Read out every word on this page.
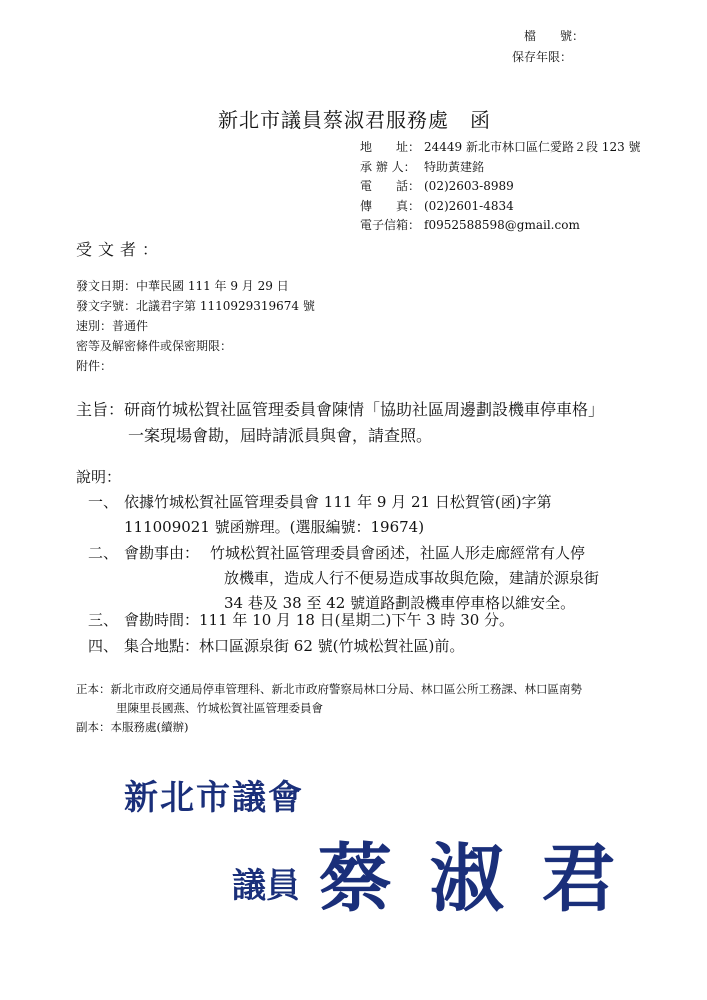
檔　　號：
保存年限：
新北市議員蔡淑君服務處　函
地　　址： 24449 新北市林口區仁愛路２段 123 號
承 辦 人： 特助黃建銘
電　　話： (02)2603-8989
傳　　真： (02)2601-4834
電子信箱： f0952588598@gmail.com
受文者：
發文日期：中華民國 111 年 9 月 29 日
發文字號：北議君字第 1110929319674 號
速別：普通件
密等及解密條件或保密期限：
附件：
主旨：研商竹城松賀社區管理委員會陳情「協助社區周邊劃設機車停車格」
一案現場會勘，屆時請派員與會，請查照。
說明：
一、 依據竹城松賀社區管理委員會 111 年 9 月 21 日松賀管(函)字第
111009021 號函辦理。(選服編號：19674)
二、 會勘事由： 竹城松賀社區管理委員會函述，社區人形走廊經常有人停
放機車，造成人行不便易造成事故與危險，建請於源泉街
34 巷及 38 至 42 號道路劃設機車停車格以維安全。
三、 會勘時間：111 年 10 月 18 日(星期二)下午 3 時 30 分。
四、 集合地點：林口區源泉街 62 號(竹城松賀社區)前。
正本：新北市政府交通局停車管理科、新北市政府警察局林口分局、林口區公所工務課、林口區南勢
里陳里長國燕、竹城松賀社區管理委員會
副本：本服務處(續辦)
新北市議會
議員 蔡 淑 君
